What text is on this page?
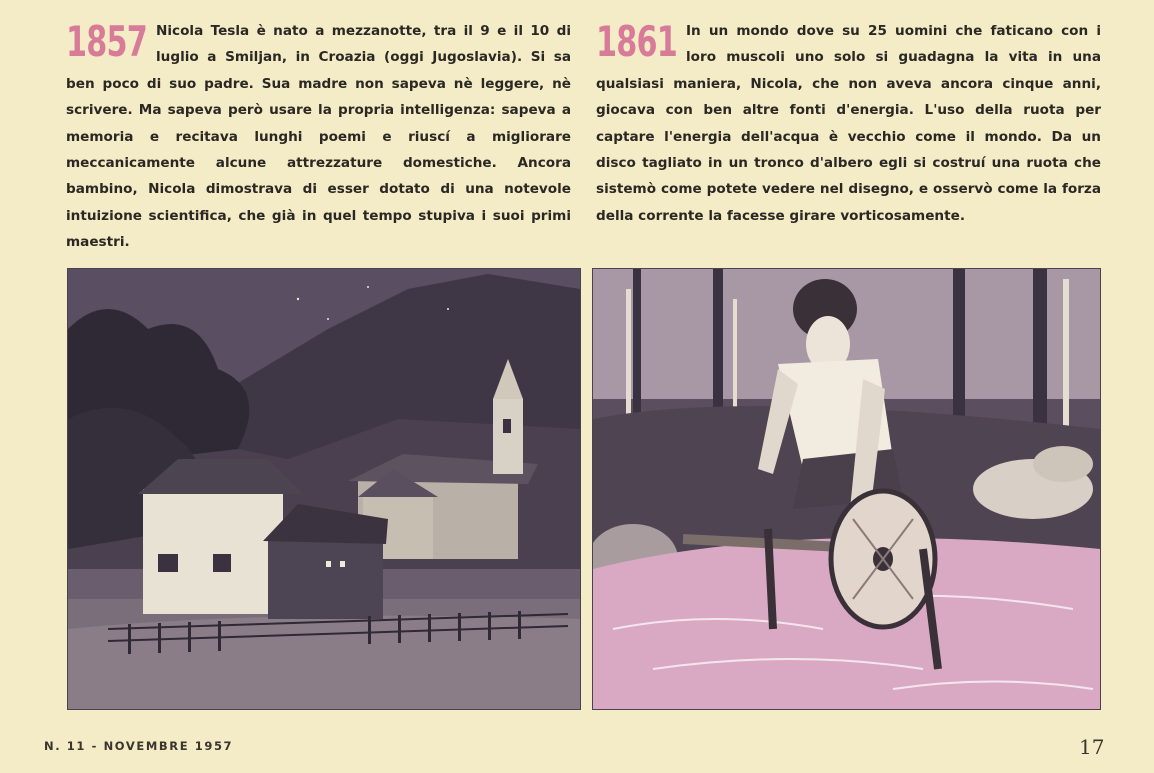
1857 Nicola Tesla è nato a mezzanotte, tra il 9 e il 10 di luglio a Smiljan, in Croazia (oggi Jugoslavia). Si sa ben poco di suo padre. Sua madre non sapeva nè leggere, nè scrivere. Ma sapeva però usare la propria intelligenza: sapeva a memoria e recitava lunghi poemi e riuscí a migliorare meccanicamente alcune attrezzature domestiche. Ancora bambino, Nicola dimostrava di esser dotato di una notevole intuizione scientifica, che già in quel tempo stupiva i suoi primi maestri.

1861 In un mondo dove su 25 uomini che faticano con i loro muscoli uno solo si guadagna la vita in una qualsiasi maniera, Nicola, che non aveva ancora cinque anni, giocava con ben altre fonti d'energia. L'uso della ruota per captare l'energia dell'acqua è vecchio come il mondo. Da un disco tagliato in un tronco d'albero egli si costruí una ruota che sistemò come potete vedere nel disegno, e osservò come la forza della corrente la facesse girare vorticosamente.

N. 11 - NOVEMBRE 1957	17
